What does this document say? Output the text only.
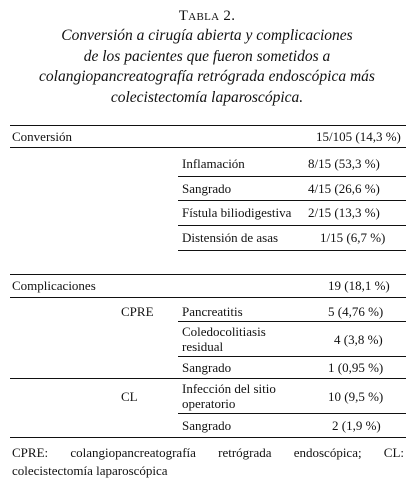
Tabla 2.
Conversión a cirugía abierta y complicaciones
de los pacientes que fueron sometidos a
colangiopancreatografía retrógrada endoscópica más
colecistectomía laparoscópica.
Conversión	15/105 (14,3 %)
Inflamación	8/15 (53,3 %)
Sangrado	4/15 (26,6 %)
Fístula biliodigestiva 2/15 (13,3 %)
Distensión de asas	1/15 (6,7 %)
Complicaciones	19 (18,1 %)
CPRE Pancreatitis	5 (4,76 %)
Coledocolitiasis residual	4 (3,8 %)
Sangrado	1 (0,95 %)
CL
Infección del sitio operatorio	10 (9,5 %)
Sangrado	2 (1,9 %)
CPRE: colangiopancreatografía retrógrada endoscópica; CL: colecistectomía laparoscópica
